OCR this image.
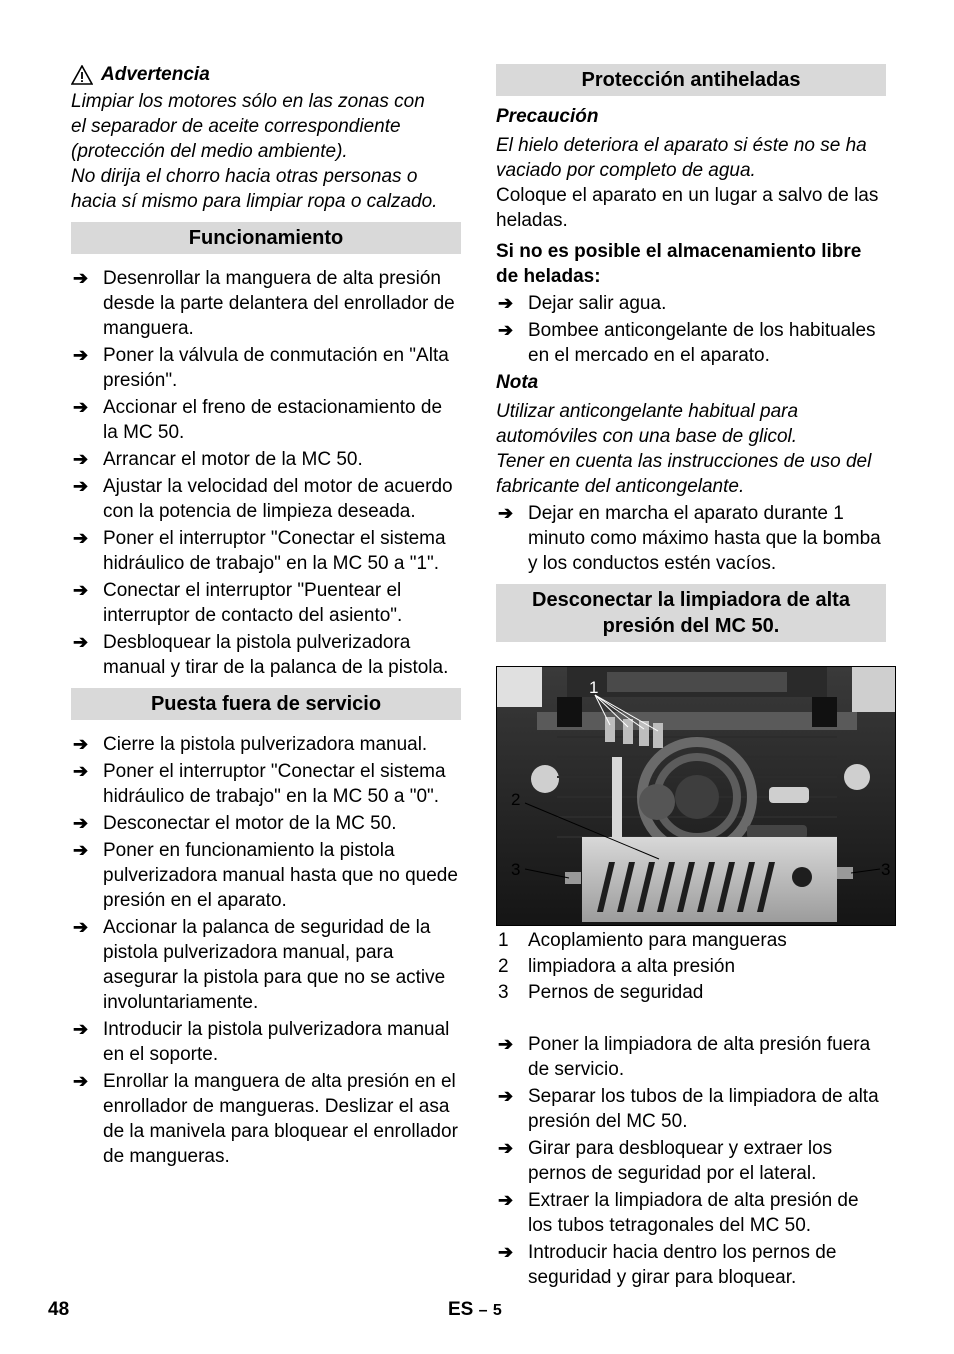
Advertencia

Limpiar los motores sólo en las zonas con

el separador de aceite correspondiente

(protección del medio ambiente).

No dirija el chorro hacia otras personas o

hacia sí mismo para limpiar ropa o calzado.

Funcionamiento
➔ Desenrollar la manguera de alta presión desde la parte delantera del enrollador de manguera.
➔ Poner la válvula de conmutación en "Alta presión".
➔ Accionar el freno de estacionamiento de la MC 50.
➔ Arrancar el motor de la MC 50.
➔ Ajustar la velocidad del motor de acuerdo con la potencia de limpieza deseada.
➔ Poner el interruptor "Conectar el sistema hidráulico de trabajo" en la MC 50 a "1".
➔ Conectar el interruptor "Puentear el interruptor de contacto del asiento".
➔ Desbloquear la pistola pulverizadora manual y tirar de la palanca de la pistola.
Puesta fuera de servicio
➔ Cierre la pistola pulverizadora manual.
➔ Poner el interruptor "Conectar el sistema hidráulico de trabajo" en la MC 50 a "0".
➔ Desconectar el motor de la MC 50.
➔ Poner en funcionamiento la pistola pulverizadora manual hasta que no quede presión en el aparato.
➔ Accionar la palanca de seguridad de la pistola pulverizadora manual, para asegurar la pistola para que no se active involuntariamente.
➔ Introducir la pistola pulverizadora manual en el soporte.
➔ Enrollar la manguera de alta presión en el enrollador de mangueras. Deslizar el asa de la manivela para bloquear el enrollador de mangueras.
Protección antiheladas

Precaución

El hielo deteriora el aparato si éste no se ha vaciado por completo de agua.

Coloque el aparato en un lugar a salvo de las heladas.

Si no es posible el almacenamiento libre de heladas:

➔ Dejar salir agua.
➔ Bombee anticongelante de los habituales en el mercado en el aparato.

Nota

Utilizar anticongelante habitual para automóviles con una base de glicol.

Tener en cuenta las instrucciones de uso del fabricante del anticongelante.

➔ Dejar en marcha el aparato durante 1 minuto como máximo hasta que la bomba y los conductos estén vacíos.
Desconectar la limpiadora de alta presión del MC 50.
1
2
3	3
1 Acoplamiento para mangueras
2 limpiadora a alta presión
3 Pernos de seguridad
➔ Poner la limpiadora de alta presión fuera de servicio.
➔ Separar los tubos de la limpiadora de alta presión del MC 50.
➔ Girar para desbloquear y extraer los pernos de seguridad por el lateral.
➔ Extraer la limpiadora de alta presión de los tubos tetragonales del MC 50.
➔ Introducir hacia dentro los pernos de seguridad y girar para bloquear.
48	ES – 5
